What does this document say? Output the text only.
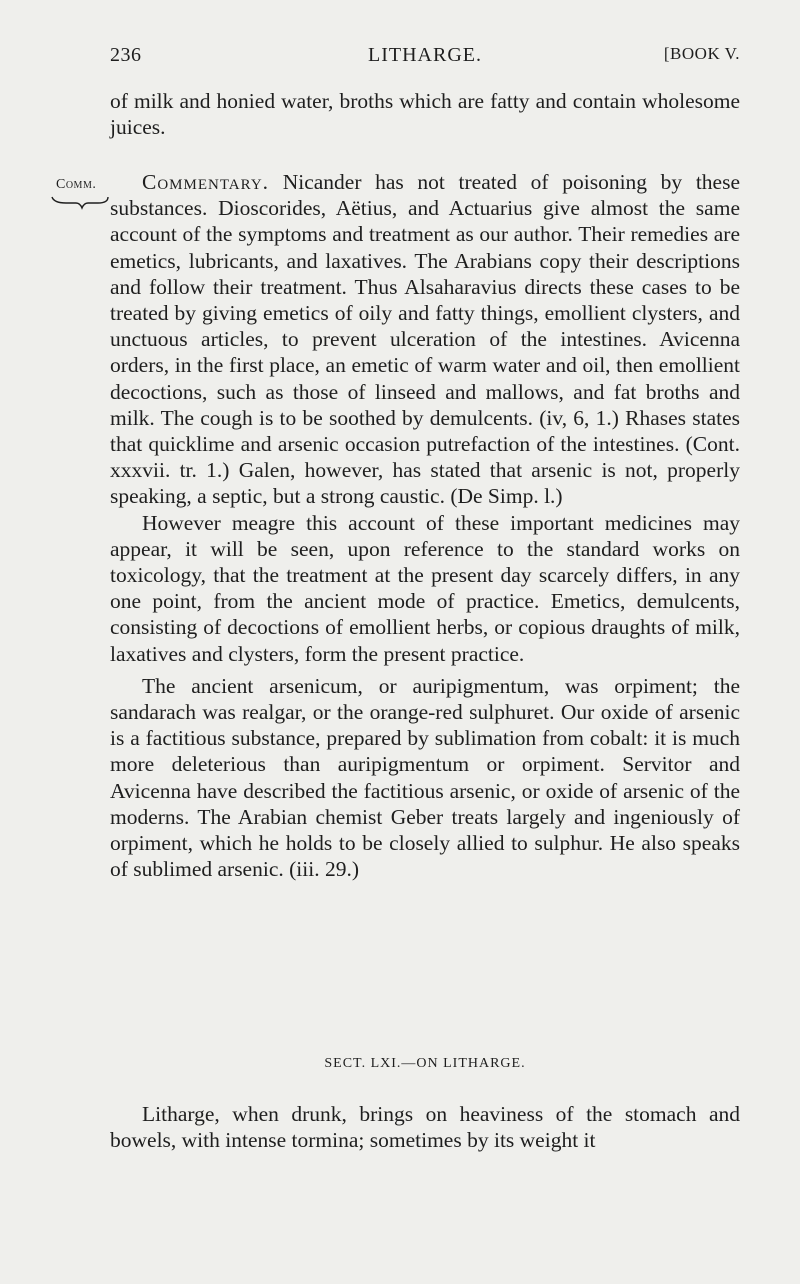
236	LITHARGE.	[BOOK V.

of milk and honied water, broths which are fatty and contain wholesome juices.

Comm.	Commentary. Nicander has not treated of poisoning by these substances. Dioscorides, Aëtius, and Actuarius give almost the same account of the symptoms and treatment as our author. Their remedies are emetics, lubricants, and laxatives. The Arabians copy their descriptions and follow their treatment. Thus Alsaharavius directs these cases to be treated by giving emetics of oily and fatty things, emollient clysters, and unctuous articles, to prevent ulceration of the intestines. Avicenna orders, in the first place, an emetic of warm water and oil, then emollient decoctions, such as those of linseed and mallows, and fat broths and milk. The cough is to be soothed by demulcents. (iv, 6, 1.) Rhases states that quicklime and arsenic occasion putrefaction of the intestines. (Cont. xxxvii. tr. 1.) Galen, however, has stated that arsenic is not, properly speaking, a septic, but a strong caustic. (De Simp. l.)

However meagre this account of these important medicines may appear, it will be seen, upon reference to the standard works on toxicology, that the treatment at the present day scarcely differs, in any one point, from the ancient mode of practice. Emetics, demulcents, consisting of decoctions of emollient herbs, or copious draughts of milk, laxatives and clysters, form the present practice.

The ancient arsenicum, or auripigmentum, was orpiment; the sandarach was realgar, or the orange-red sulphuret. Our oxide of arsenic is a factitious substance, prepared by sublimation from cobalt: it is much more deleterious than auripigmentum or orpiment. Servitor and Avicenna have described the factitious arsenic, or oxide of arsenic of the moderns. The Arabian chemist Geber treats largely and ingeniously of orpiment, which he holds to be closely allied to sulphur. He also speaks of sublimed arsenic. (iii. 29.)

SECT. LXI.—ON LITHARGE.

Litharge, when drunk, brings on heaviness of the stomach and bowels, with intense tormina; sometimes by its weight it
